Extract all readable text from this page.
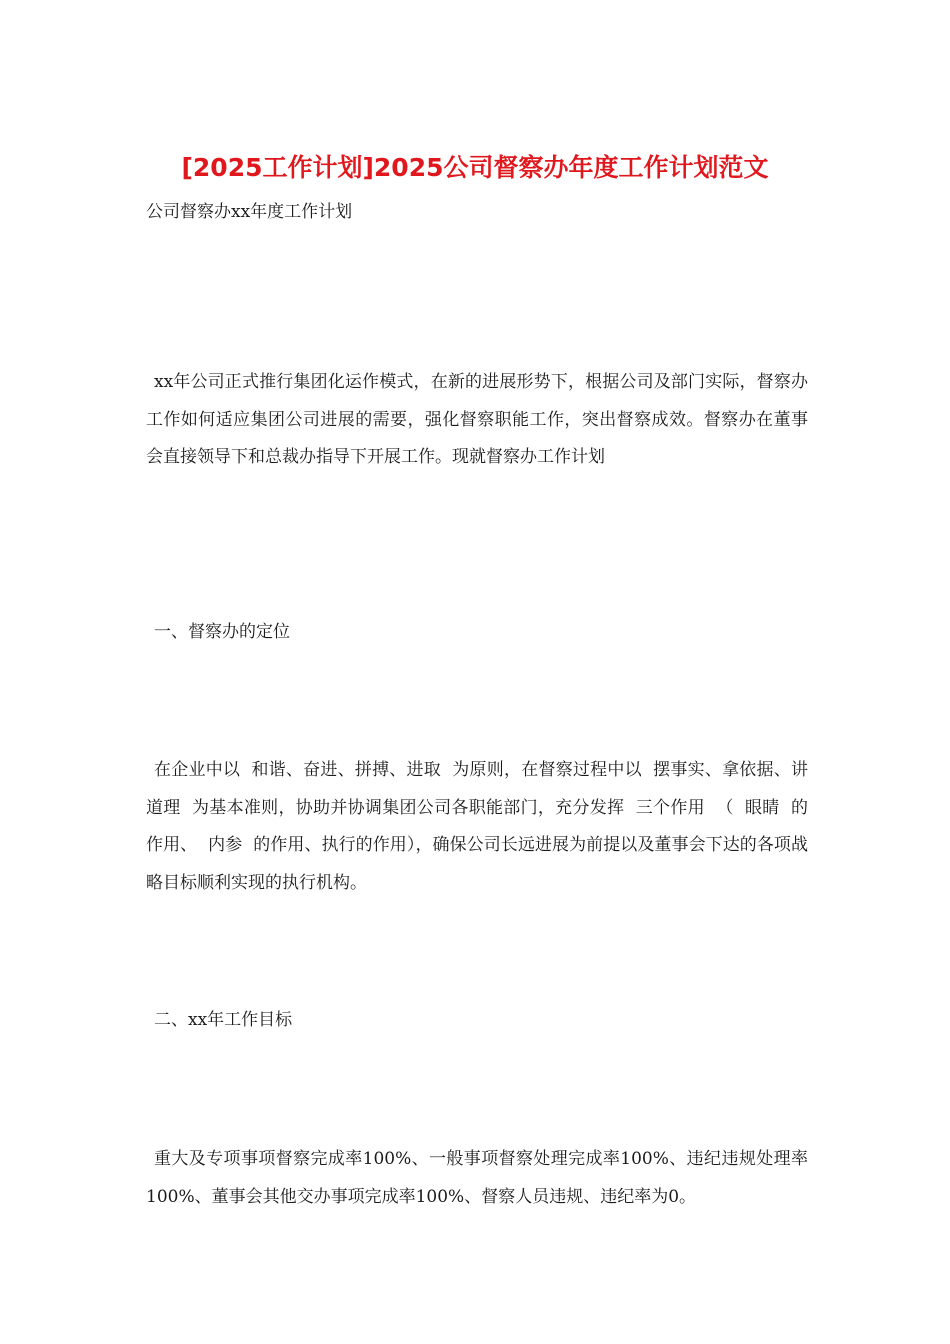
[2025工作计划]2025公司督察办年度工作计划范文
公司督察办xx年度工作计划

xx年公司正式推行集团化运作模式，在新的进展形势下，根据公司及部门实际，督察办工作如何适应集团公司进展的需要，强化督察职能工作，突出督察成效。督察办在董事会直接领导下和总裁办指导下开展工作。现就督察办工作计划

一、督察办的定位

在企业中以  和谐、奋进、拼搏、进取  为原则，在督察过程中以  摆事实、拿依据、讲道理  为基本准则，协助并协调集团公司各职能部门，充分发挥  三个作用  （  眼睛  的作用、  内参  的作用、执行的作用），确保公司长远进展为前提以及董事会下达的各项战略目标顺利实现的执行机构。

二、xx年工作目标

重大及专项事项督察完成率100%、一般事项督察处理完成率100%、违纪违规处理率100%、董事会其他交办事项完成率100%、督察人员违规、违纪率为0。
